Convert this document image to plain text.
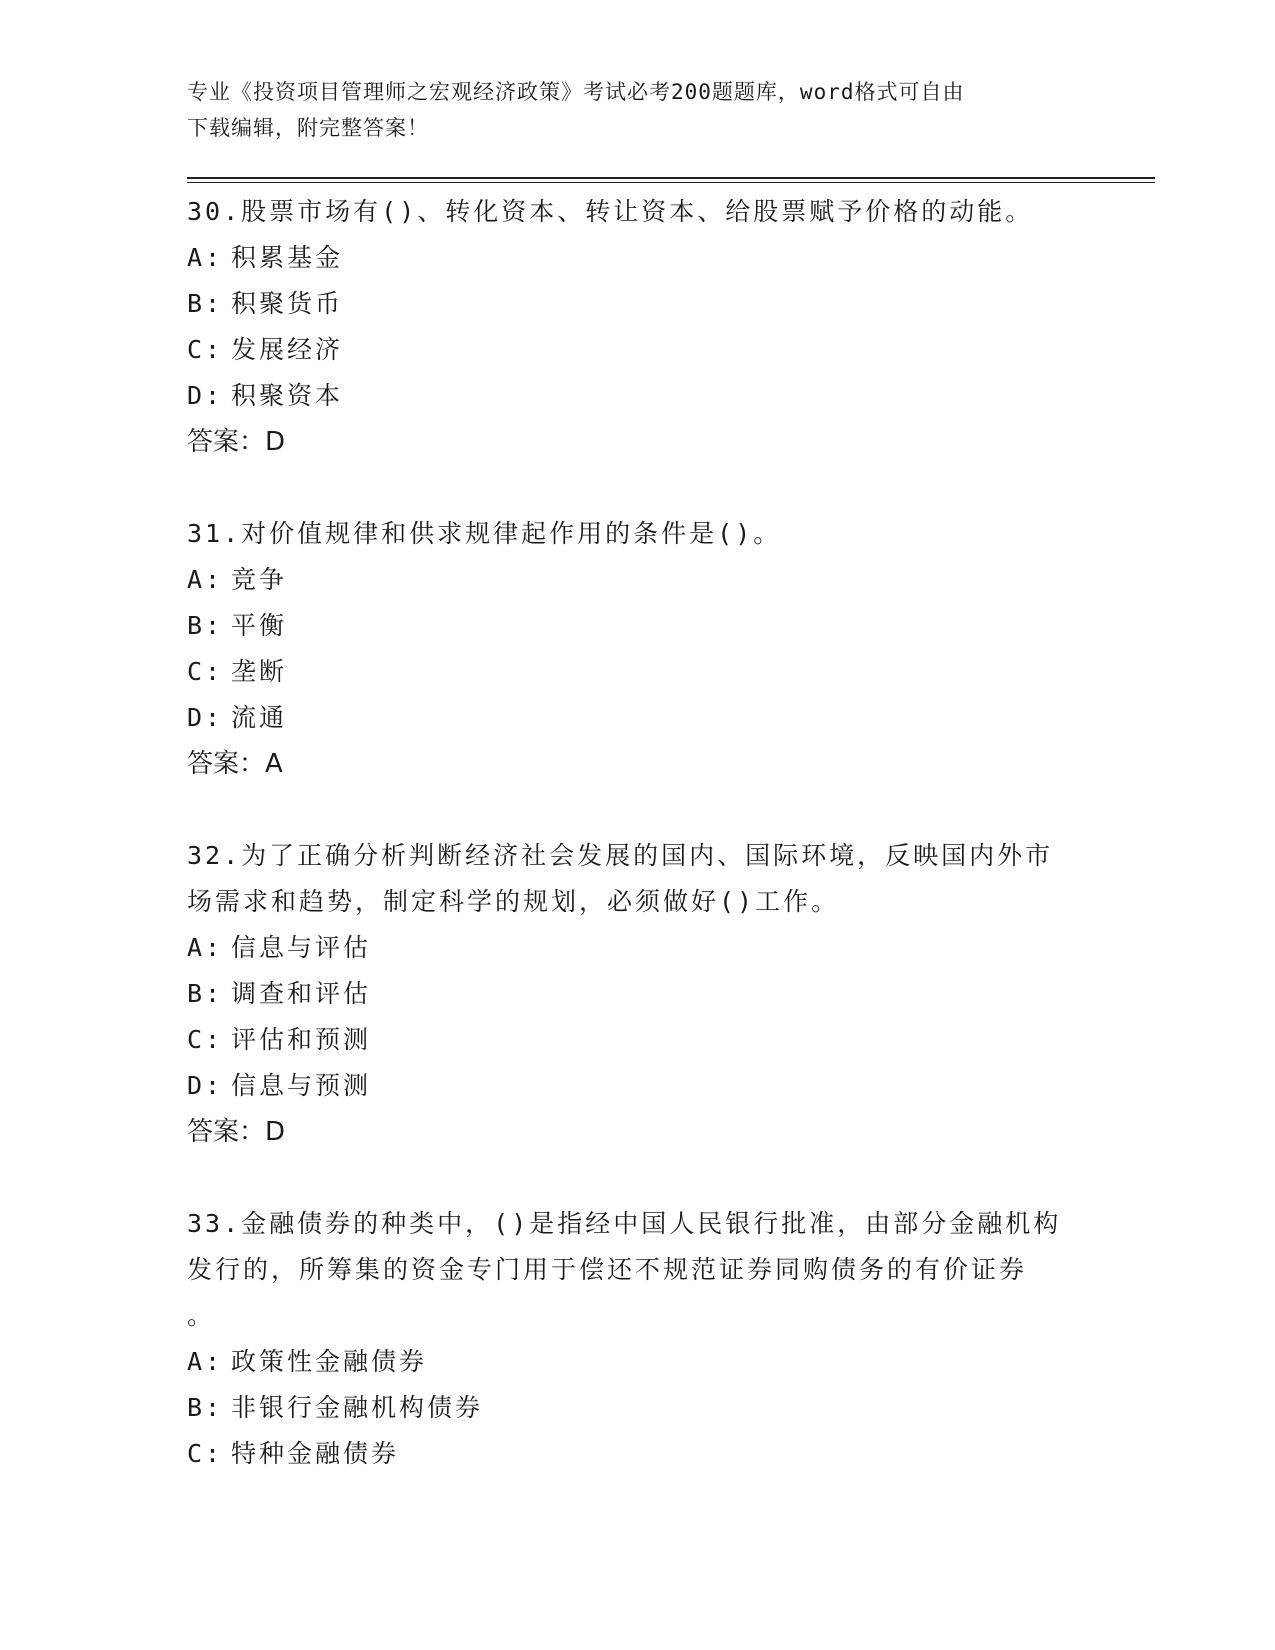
专业《投资项目管理师之宏观经济政策》考试必考200题题库，word格式可自由
下载编辑，附完整答案！

30.股票市场有()、转化资本、转让资本、给股票赋予价格的动能。

A: 积累基金

B: 积聚货币

C: 发展经济

D: 积聚资本

答案：D

31.对价值规律和供求规律起作用的条件是()。

A: 竞争

B: 平衡

C: 垄断

D: 流通

答案：A

32.为了正确分析判断经济社会发展的国内、国际环境，反映国内外市

场需求和趋势，制定科学的规划，必须做好()工作。

A: 信息与评估

B: 调查和评估

C: 评估和预测

D: 信息与预测

答案：D

33.金融债券的种类中，()是指经中国人民银行批准，由部分金融机构

发行的，所筹集的资金专门用于偿还不规范证券同购债务的有价证券

。

A: 政策性金融债券

B: 非银行金融机构债券

C: 特种金融债券
